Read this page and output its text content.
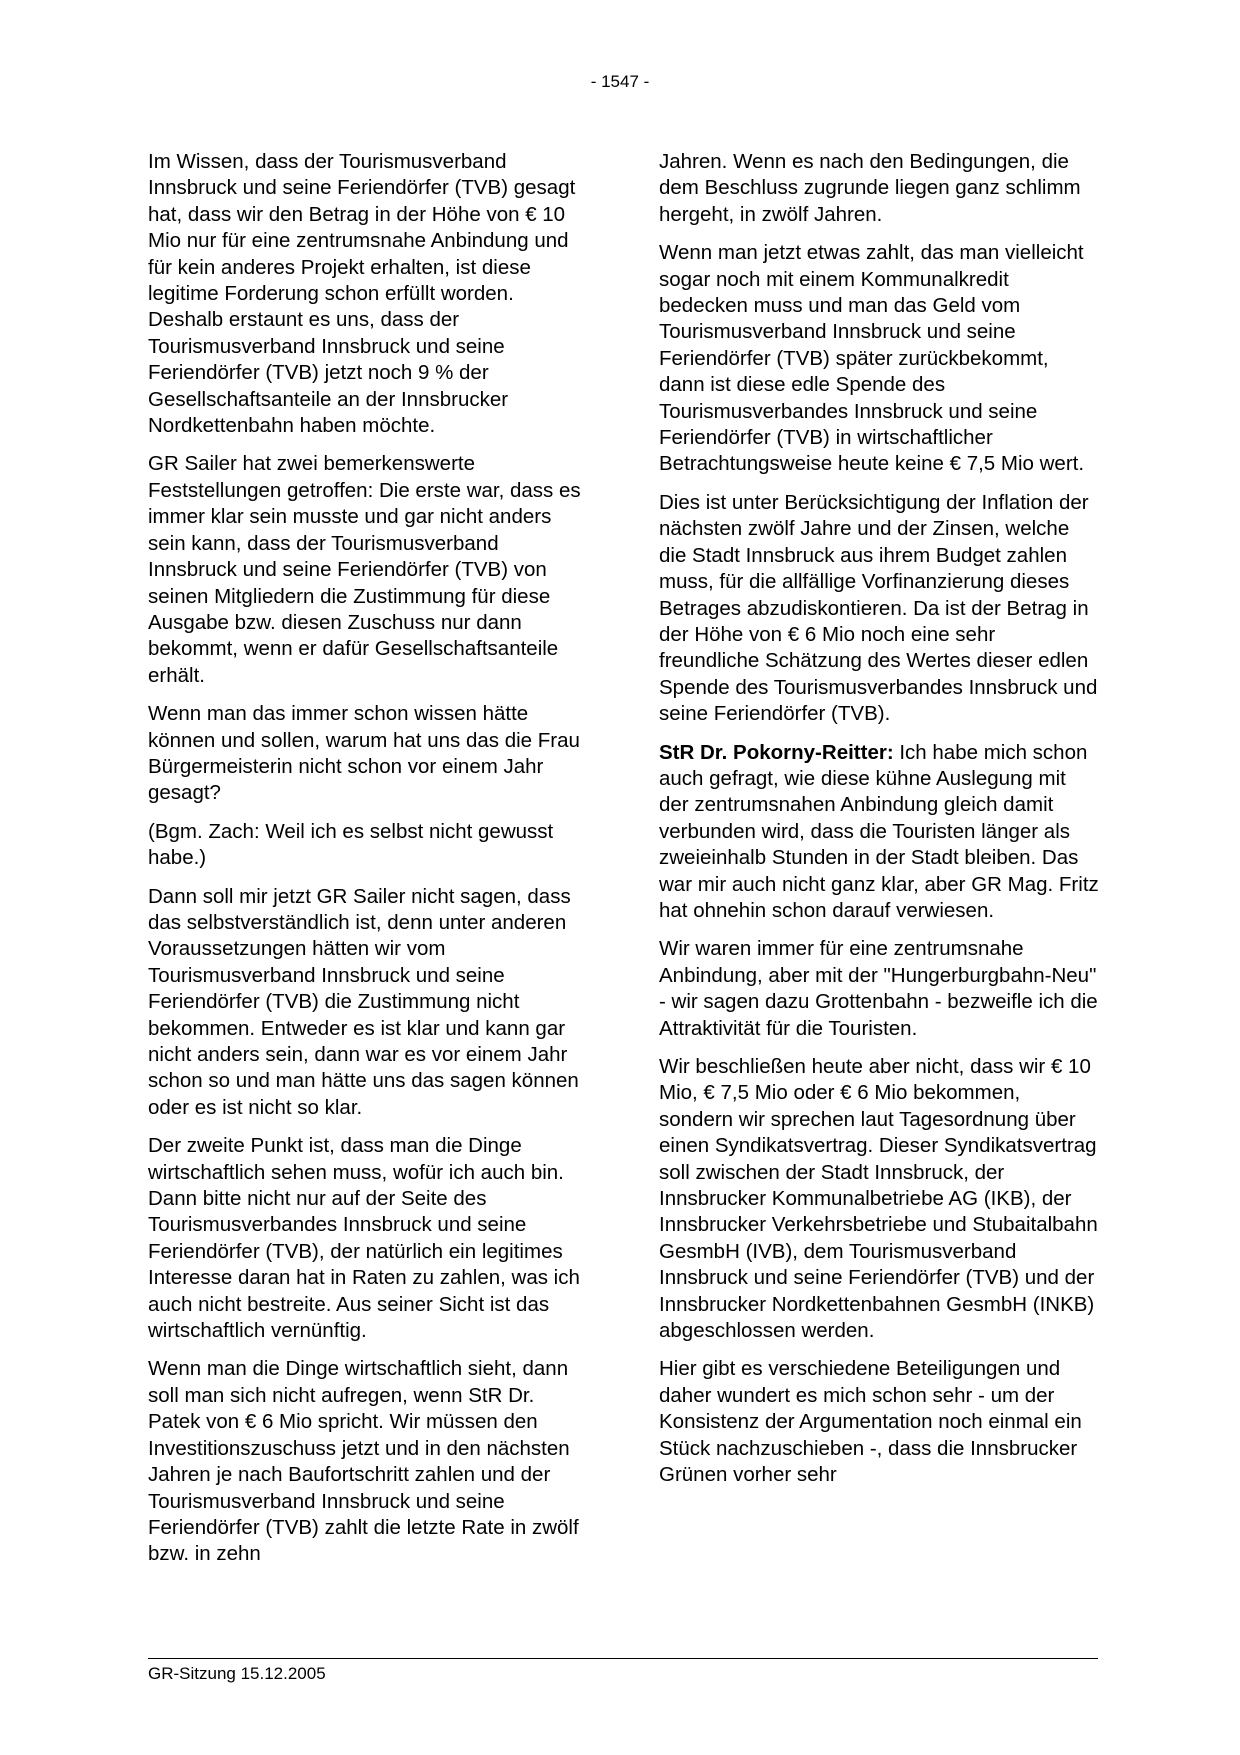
- 1547 -

Im Wissen, dass der Tourismusverband Innsbruck und seine Feriendörfer (TVB) gesagt hat, dass wir den Betrag in der Höhe von € 10 Mio nur für eine zentrumsnahe Anbindung und für kein anderes Projekt erhalten, ist diese legitime Forderung schon erfüllt worden. Deshalb erstaunt es uns, dass der Tourismusverband Innsbruck und seine Feriendörfer (TVB) jetzt noch 9 % der Gesellschaftsanteile an der Innsbrucker Nordkettenbahn haben möchte.

GR Sailer hat zwei bemerkenswerte Feststellungen getroffen: Die erste war, dass es immer klar sein musste und gar nicht anders sein kann, dass der Tourismusverband Innsbruck und seine Feriendörfer (TVB) von seinen Mitgliedern die Zustimmung für diese Ausgabe bzw. diesen Zuschuss nur dann bekommt, wenn er dafür Gesellschaftsanteile erhält.

Wenn man das immer schon wissen hätte können und sollen, warum hat uns das die Frau Bürgermeisterin nicht schon vor einem Jahr gesagt?

(Bgm. Zach: Weil ich es selbst nicht gewusst habe.)

Dann soll mir jetzt GR Sailer nicht sagen, dass das selbstverständlich ist, denn unter anderen Voraussetzungen hätten wir vom Tourismusverband Innsbruck und seine Feriendörfer (TVB) die Zustimmung nicht bekommen. Entweder es ist klar und kann gar nicht anders sein, dann war es vor einem Jahr schon so und man hätte uns das sagen können oder es ist nicht so klar.

Der zweite Punkt ist, dass man die Dinge wirtschaftlich sehen muss, wofür ich auch bin. Dann bitte nicht nur auf der Seite des Tourismusverbandes Innsbruck und seine Feriendörfer (TVB), der natürlich ein legitimes Interesse daran hat in Raten zu zahlen, was ich auch nicht bestreite. Aus seiner Sicht ist das wirtschaftlich vernünftig.

Wenn man die Dinge wirtschaftlich sieht, dann soll man sich nicht aufregen, wenn StR Dr. Patek von € 6 Mio spricht. Wir müssen den Investitionszuschuss jetzt und in den nächsten Jahren je nach Baufortschritt zahlen und der Tourismusverband Innsbruck und seine Feriendörfer (TVB) zahlt die letzte Rate in zwölf bzw. in zehn

Jahren. Wenn es nach den Bedingungen, die dem Beschluss zugrunde liegen ganz schlimm hergeht, in zwölf Jahren.

Wenn man jetzt etwas zahlt, das man vielleicht sogar noch mit einem Kommunalkredit bedecken muss und man das Geld vom Tourismusverband Innsbruck und seine Feriendörfer (TVB) später zurückbekommt, dann ist diese edle Spende des Tourismusverbandes Innsbruck und seine Feriendörfer (TVB) in wirtschaftlicher Betrachtungsweise heute keine € 7,5 Mio wert.

Dies ist unter Berücksichtigung der Inflation der nächsten zwölf Jahre und der Zinsen, welche die Stadt Innsbruck aus ihrem Budget zahlen muss, für die allfällige Vorfinanzierung dieses Betrages abzudiskontieren. Da ist der Betrag in der Höhe von € 6 Mio noch eine sehr freundliche Schätzung des Wertes dieser edlen Spende des Tourismusverbandes Innsbruck und seine Feriendörfer (TVB).

StR Dr. Pokorny-Reitter: Ich habe mich schon auch gefragt, wie diese kühne Auslegung mit der zentrumsnahen Anbindung gleich damit verbunden wird, dass die Touristen länger als zweieinhalb Stunden in der Stadt bleiben. Das war mir auch nicht ganz klar, aber GR Mag. Fritz hat ohnehin schon darauf verwiesen.

Wir waren immer für eine zentrumsnahe Anbindung, aber mit der "Hungerburgbahn-Neu" - wir sagen dazu Grottenbahn - bezweifle ich die Attraktivität für die Touristen.

Wir beschließen heute aber nicht, dass wir € 10 Mio, € 7,5 Mio oder € 6 Mio bekommen, sondern wir sprechen laut Tagesordnung über einen Syndikatsvertrag. Dieser Syndikatsvertrag soll zwischen der Stadt Innsbruck, der Innsbrucker Kommunalbetriebe AG (IKB), der Innsbrucker Verkehrsbetriebe und Stubaitalbahn GesmbH (IVB), dem Tourismusverband Innsbruck und seine Feriendörfer (TVB) und der Innsbrucker Nordkettenbahnen GesmbH (INKB) abgeschlossen werden.

Hier gibt es verschiedene Beteiligungen und daher wundert es mich schon sehr - um der Konsistenz der Argumentation noch einmal ein Stück nachzuschieben -, dass die Innsbrucker Grünen vorher sehr

GR-Sitzung 15.12.2005
